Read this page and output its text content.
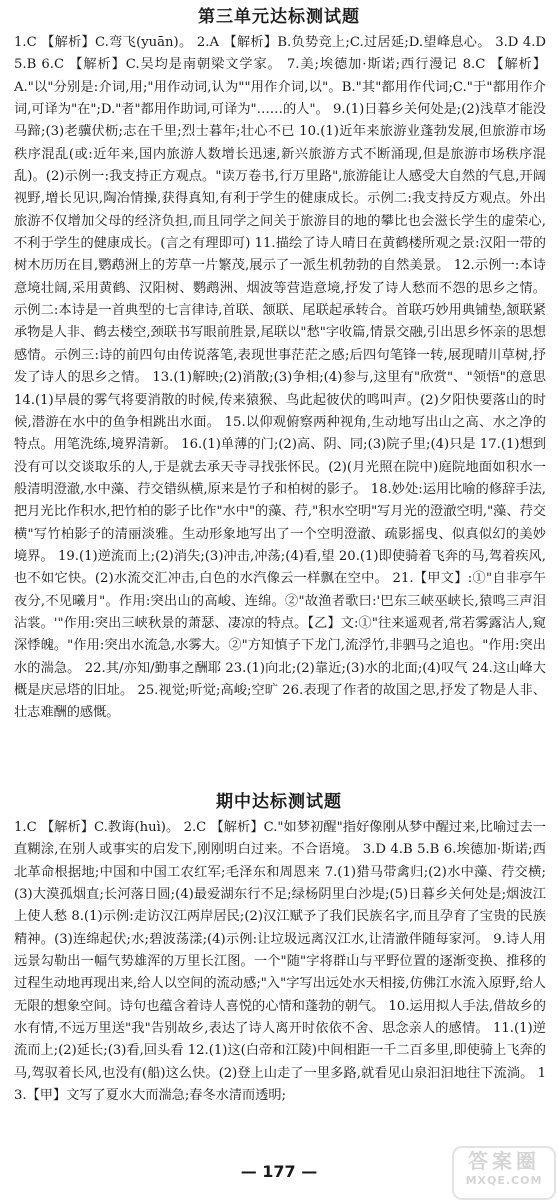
第三单元达标测试题
1.C 【解析】C.弯飞(yuān)。 2.A 【解析】B.负势竞上;C.过居延;D.望峰息心。 3.D 4.D 5.B 6.C 【解析】C.吴均是南朝梁文学家。 7.美;埃德加·斯诺;西行漫记 8.C 【解析】A."以"分别是:介词,用;"用作动词,认为""用作介词,以"。B."其"都用作代词;C."于"都用作介词,可译为"在";D."者"都用作助词,可译为"……的人"。 9.(1)日暮乡关何处是;(2)浅草才能没马蹄;(3)老骥伏枥;志在千里;烈士暮年;壮心不已 10.(1)近年来旅游业蓬勃发展,但旅游市场秩序混乱(或:近年来,国内旅游人数增长迅速,新兴旅游方式不断涌现,但是旅游市场秩序混乱)。(2)示例一:我支持正方观点。"读万卷书,行万里路",旅游能让人感受大自然的气息,开阔视野,增长见识,陶冶情操,获得真知,有利于学生的健康成长。示例二:我支持反方观点。外出旅游不仅增加父母的经济负担,而且同学之间关于旅游目的地的攀比也会滋长学生的虚荣心,不利于学生的健康成长。(言之有理即可) 11.描绘了诗人晴日在黄鹤楼所观之景:汉阳一带的树木历历在目,鹦鹉洲上的芳草一片繁茂,展示了一派生机勃勃的自然美景。 12.示例一:本诗意境壮阔,采用黄鹤、汉阳树、鹦鹉洲、烟波等营造意境,抒发了诗人愁而不怨的思乡之情。示例二:本诗是一首典型的七言律诗,首联、颔联、尾联起承转合。首联巧妙用典铺垫,颔联紧承物是人非、鹤去楼空,颈联书写眼前胜景,尾联以"愁"字收篇,情景交融,引出思乡怀亲的思想感情。示例三:诗的前四句由传说落笔,表现世事茫茫之感;后四句笔锋一转,展现晴川草树,抒发了诗人的思乡之情。 13.(1)解映;(2)消散;(3)争相;(4)参与,这里有"欣赏"、"领悟"的意思 14.(1)早晨的雾气将要消散的时候,传来猿猴、鸟此起彼伏的鸣叫声。(2)夕阳快要落山的时候,潜游在水中的鱼争相跳出水面。 15.以仰观俯察两种视角,生动地写出山之高、水之净的特点。用笔洗练,境界清新。 16.(1)单薄的门;(2)高、阴、同;(3)院子里;(4)只是 17.(1)想到没有可以交谈取乐的人,于是就去承天寺寻找张怀民。(2)(月光照在院中)庭院地面如积水一般清明澄澈,水中藻、荇交错纵横,原来是竹子和柏树的影子。 18.妙处:运用比喻的修辞手法,把月光比作积水,把竹柏的影子比作"水中"的藻、荇,"积水空明"写月光的澄澈空明,"藻、荇交横"写竹柏影子的清丽淡雅。生动形象地写出了一个空明澄澈、疏影摇曳、似真似幻的美妙境界。 19.(1)逆流而上;(2)消失;(3)冲击,冲荡;(4)看,望 20.(1)即使骑着飞奔的马,驾着疾风,也不如它快。(2)水流交汇冲击,白色的水汽像云一样飘在空中。 21.【甲文】:①"自非亭午夜分,不见曦月"。作用:突出山的高峻、连绵。②"故渔者歌曰:'巴东三峡巫峡长,猿鸣三声泪沾裳。'"作用:突出三峡秋景的萧瑟、凄凉的特点。【乙】文:①"往来遥观者,常若雾露沾人,窥深悸魄。"作用:突出水流急,水雾大。②"方知慎子下龙门,流浮竹,非驷马之追也。"作用:突出水的湍急。 22.其/亦知/勤事之酬耶 23.(1)向北;(2)靠近;(3)水的北面;(4)叹气 24.这山峰大概是庆忌塔的旧址。 25.视觉;听觉;高峻;空旷 26.表现了作者的故国之思,抒发了物是人非、壮志难酬的感慨。
期中达标测试题
1.C 【解析】C.教诲(huì)。 2.C 【解析】C."如梦初醒"指好像刚从梦中醒过来,比喻过去一直糊涂,在别人或事实的启发下,刚刚明白过来。不合语境。 3.D 4.B 5.B 6.埃德加·斯诺;西北革命根据地;中国和中国工农红军;毛泽东和周恩来 7.(1)猎马带禽归;(2)水中藻、荇交横;(3)大漠孤烟直;长河落日圆;(4)最爱湖东行不足;绿杨阴里白沙堤;(5)日暮乡关何处是;烟波江上使人愁 8.(1)示例:走访汉江两岸居民;(2)汉江赋予了我们民族名字,而且孕育了宝贵的民族精神。(3)连绵起伏;水;碧波荡漾;(4)示例:让垃圾远离汉江水,让清澈伴随每家河。 9.诗人用远景勾勒出一幅气势雄浑的万里长江图。一个"随"字将群山与平野位置的逐渐变换、推移的过程生动地再现出来,给人以空间的流动感;"入"字写出远处水天相接,仿佛江水流入原野,给人无限的想象空间。诗句也蕴含着诗人喜悦的心情和蓬勃的朝气。 10.运用拟人手法,借故乡的水有情,不远万里送"我"告别故乡,表达了诗人离开时依依不舍、思念亲人的感情。 11.(1)逆流而上;(2)延长;(3)看,回头看 12.(1)这(白帝和江陵)中间相距一千二百多里,即使骑上飞奔的马,驾驭着长风,也没有(船)这么快。(2)登上山走了一里多路,就看见山泉汩汩地往下流淌。 13.【甲】文写了夏水大而湍急;春冬水清而透明;
— 177 —	答案圈
MXQE.COM
